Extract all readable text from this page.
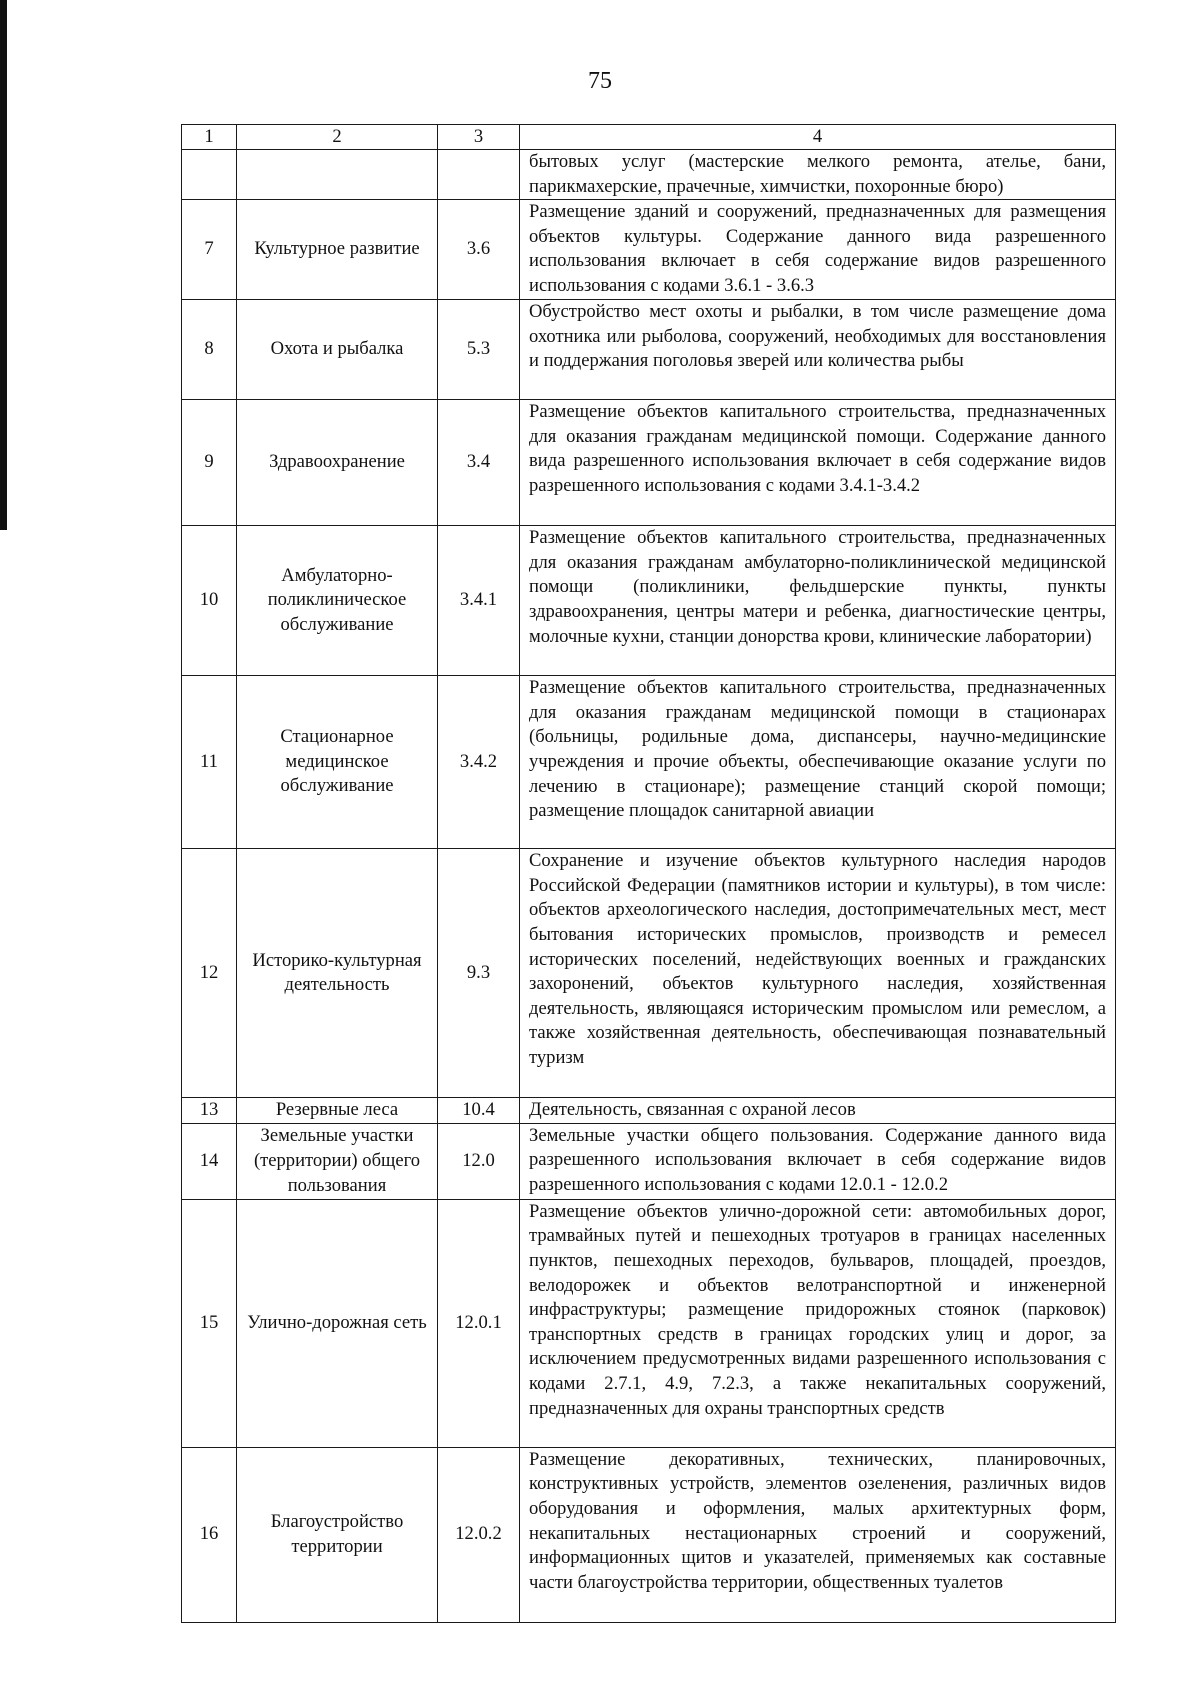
75
1	2	3	4
			бытовых услуг (мастерские мелкого ремонта, ателье, бани, парикмахерские, прачечные, химчистки, похоронные бюро)
7	Культурное развитие	3.6	Размещение зданий и сооружений, предназначенных для размещения объектов культуры. Содержание данного вида разрешенного использования включает в себя содержание видов разрешенного использования с кодами 3.6.1 - 3.6.3
8	Охота и рыбалка	5.3	Обустройство мест охоты и рыбалки, в том числе размещение дома охотника или рыболова, сооружений, необходимых для восстановления и поддержания поголовья зверей или количества рыбы
9	Здравоохранение	3.4	Размещение объектов капитального строительства, предназначенных для оказания гражданам медицинской помощи. Содержание данного вида разрешенного использования включает в себя содержание видов разрешенного использования с кодами 3.4.1-3.4.2
10	Амбулаторно-поликлиническое обслуживание	3.4.1	Размещение объектов капитального строительства, предназначенных для оказания гражданам амбулаторно-поликлинической медицинской помощи (поликлиники, фельдшерские пункты, пункты здравоохранения, центры матери и ребенка, диагностические центры, молочные кухни, станции донорства крови, клинические лаборатории)
11	Стационарное медицинское обслуживание	3.4.2	Размещение объектов капитального строительства, предназначенных для оказания гражданам медицинской помощи в стационарах (больницы, родильные дома, диспансеры, научно-медицинские учреждения и прочие объекты, обеспечивающие оказание услуги по лечению в стационаре); размещение станций скорой помощи; размещение площадок санитарной авиации
12	Историко-культурная деятельность	9.3	Сохранение и изучение объектов культурного наследия народов Российской Федерации (памятников истории и культуры), в том числе: объектов археологического наследия, достопримечательных мест, мест бытования исторических промыслов, производств и ремесел исторических поселений, недействующих военных и гражданских захоронений, объектов культурного наследия, хозяйственная деятельность, являющаяся историческим промыслом или ремеслом, а также хозяйственная деятельность, обеспечивающая познавательный туризм
13	Резервные леса	10.4	Деятельность, связанная с охраной лесов
14	Земельные участки (территории) общего пользования	12.0	Земельные участки общего пользования. Содержание данного вида разрешенного использования включает в себя содержание видов разрешенного использования с кодами 12.0.1 - 12.0.2
15	Улично-дорожная сеть	12.0.1	Размещение объектов улично-дорожной сети: автомобильных дорог, трамвайных путей и пешеходных тротуаров в границах населенных пунктов, пешеходных переходов, бульваров, площадей, проездов, велодорожек и объектов велотранспортной и инженерной инфраструктуры; размещение придорожных стоянок (парковок) транспортных средств в границах городских улиц и дорог, за исключением предусмотренных видами разрешенного использования с кодами 2.7.1, 4.9, 7.2.3, а также некапитальных сооружений, предназначенных для охраны транспортных средств
16	Благоустройство территории	12.0.2	Размещение декоративных, технических, планировочных, конструктивных устройств, элементов озеленения, различных видов оборудования и оформления, малых архитектурных форм, некапитальных нестационарных строений и сооружений, информационных щитов и указателей, применяемых как составные части благоустройства территории, общественных туалетов
